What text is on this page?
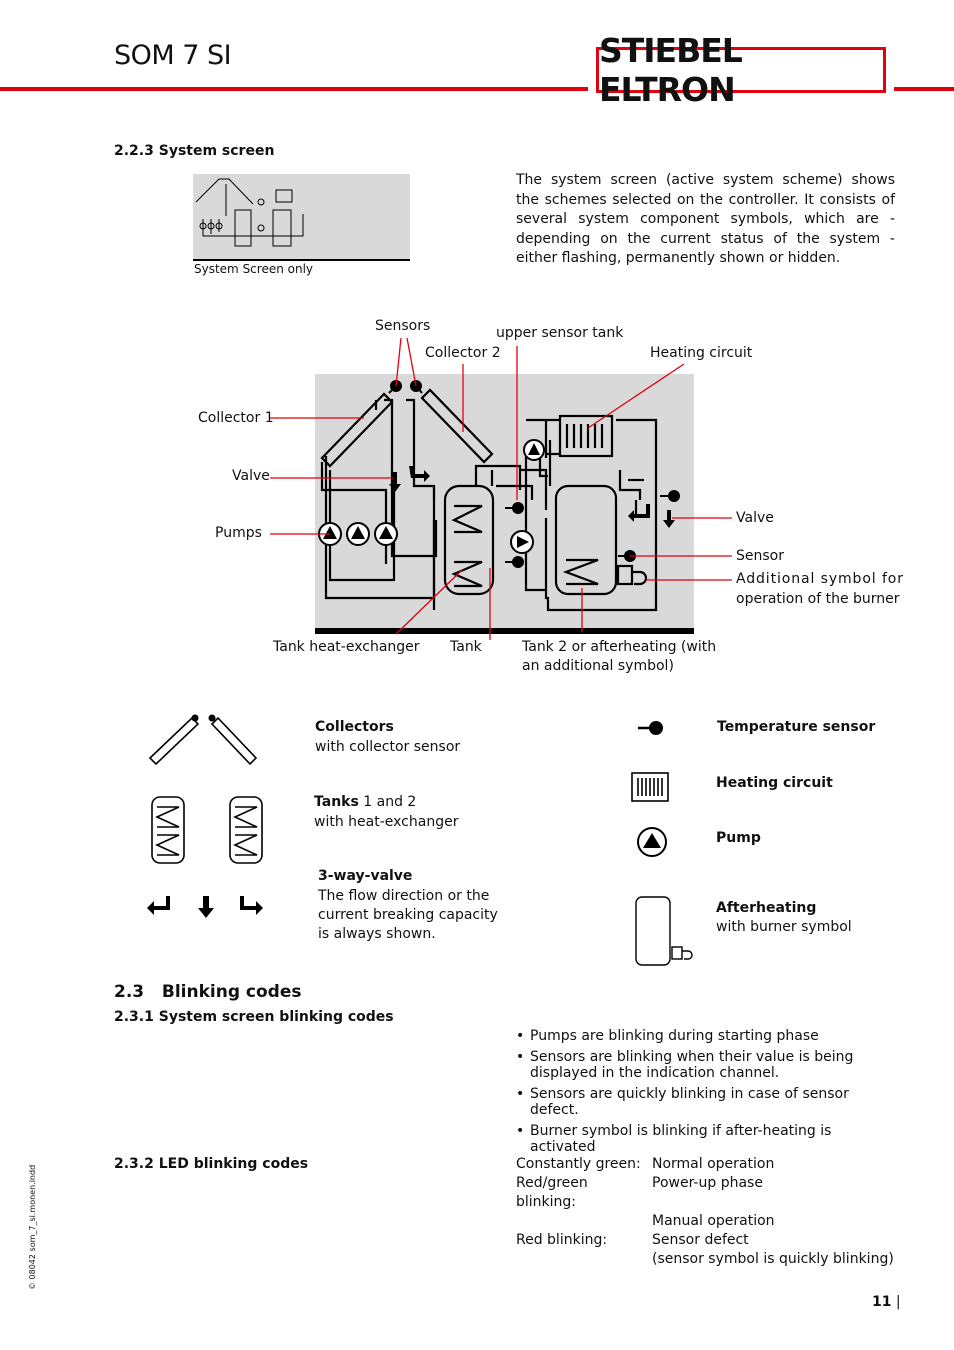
SOM 7 SI	STIEBEL ELTRON
2.2.3 System screen
System Screen only
The system screen (active system scheme) shows the schemes selected on the controller. It consists of several system component symbols, which are - depending on the current status of the system - either flashing, permanently shown or hidden.
Sensors	upper sensor tank
Collector 2	Heating circuit
Collector 1
Valve
Pumps
Valve
Sensor
Additional symbol for
operation of the burner
Tank heat-exchanger Tank	Tank 2 or afterheating (with
an additional symbol)
Collectors
with collector sensor
Tanks 1 and 2
with heat-exchanger
3-way-valve
The flow direction or the
current breaking capacity
is always shown.
Temperature sensor
Heating circuit
Pump
Afterheating
with burner symbol
2.3   Blinking codes
2.3.1 System screen blinking codes
• Pumps are blinking during starting phase
• Sensors are blinking when their value is being displayed in the indication channel.
• Sensors are quickly blinking in case of sensor defect.
• Burner symbol is blinking if after-heating is activated
2.3.2 LED blinking codes	Constantly green:	Normal operation
Red/green blinking:	Power-up phase
	Manual operation
Red blinking:	Sensor defect
	(sensor symbol is quickly blinking)
© 08042 som_7_si.monen.indd
11 |
